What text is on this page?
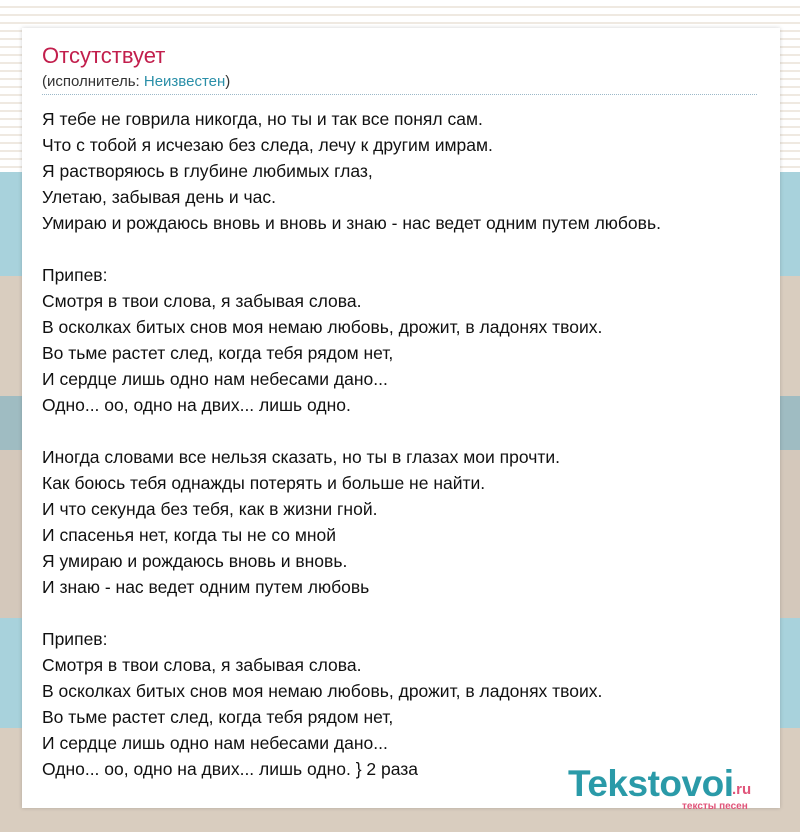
Отсутствует
(исполнитель: Неизвестен)
Я тебе не говрила никогда, но ты и так все понял сам.
Что с тобой я исчезаю без следа, лечу к другим имрам.
Я растворяюсь в глубине любимых глаз,
Улетаю, забывая день и час.
Умираю и рождаюсь вновь и вновь и знаю - нас ведет одним путем любовь.
Припев:
Смотря в твои слова, я забывая слова.
В осколках битых снов моя немаю любовь, дрожит, в ладонях твоих.
Во тьме растет след, когда тебя рядом нет,
И сердце лишь одно нам небесами дано...
Одно... оо, одно на двих... лишь одно.
Иногда словами все нельзя сказать, но ты в глазах мои прочти.
Как боюсь тебя однажды потерять и больше не найти.
И что секунда без тебя, как в жизни гной.
И спасенья нет, когда ты не со мной
Я умираю и рождаюсь вновь и вновь.
И знаю - нас ведет одним путем любовь
Припев:
Смотря в твои слова, я забывая слова.
В осколках битых снов моя немаю любовь, дрожит, в ладонях твоих.
Во тьме растет след, когда тебя рядом нет,
И сердце лишь одно нам небесами дано...
Одно... оо, одно на двих... лишь одно. } 2 раза	Tekstovoi
.ru
тексты песен
